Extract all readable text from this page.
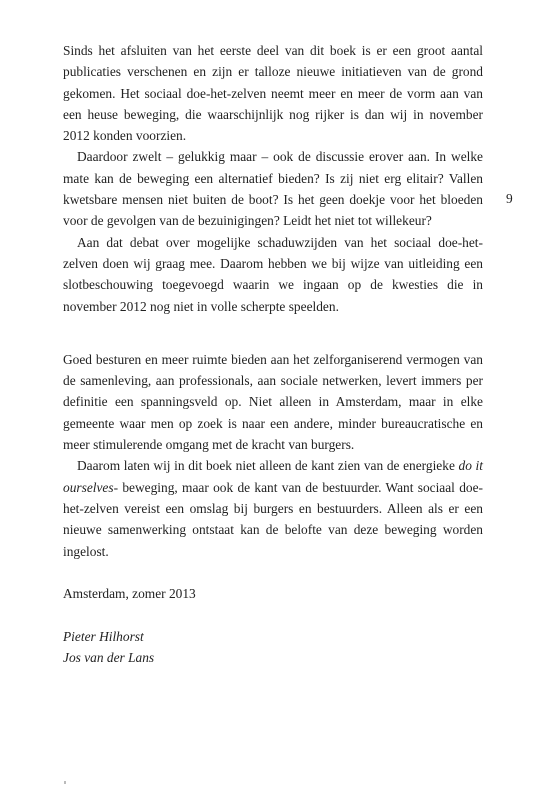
Sinds het afsluiten van het eerste deel van dit boek is er een groot aantal publicaties verschenen en zijn er talloze nieuwe initiatieven van de grond gekomen. Het sociaal doe-het-zelven neemt meer en meer de vorm aan van een heuse beweging, die waarschijnlijk nog rijker is dan wij in november 2012 konden voorzien.

Daardoor zwelt – gelukkig maar – ook de discussie erover aan. In welke mate kan de beweging een alternatief bieden? Is zij niet erg elitair? Vallen kwetsbare mensen niet buiten de boot? Is het geen doekje voor het bloeden voor de gevolgen van de bezuinigingen? Leidt het niet tot willekeur?

Aan dat debat over mogelijke schaduwzijden van het sociaal doe-het-zelven doen wij graag mee. Daarom hebben we bij wijze van uitleiding een slotbeschouwing toegevoegd waarin we ingaan op de kwesties die in november 2012 nog niet in volle scherpte speelden.

Goed besturen en meer ruimte bieden aan het zelforganiserend vermogen van de samenleving, aan professionals, aan sociale netwerken, levert immers per definitie een spanningsveld op. Niet alleen in Amsterdam, maar in elke gemeente waar men op zoek is naar een andere, minder bureaucratische en meer stimulerende omgang met de kracht van burgers.

Daarom laten wij in dit boek niet alleen de kant zien van de energieke do it ourselves- beweging, maar ook de kant van de bestuurder. Want sociaal doe-het-zelven vereist een omslag bij burgers en bestuurders. Alleen als er een nieuwe samenwerking ontstaat kan de belofte van deze beweging worden ingelost.

Amsterdam, zomer 2013

Pieter Hilhorst
Jos van der Lans

9
